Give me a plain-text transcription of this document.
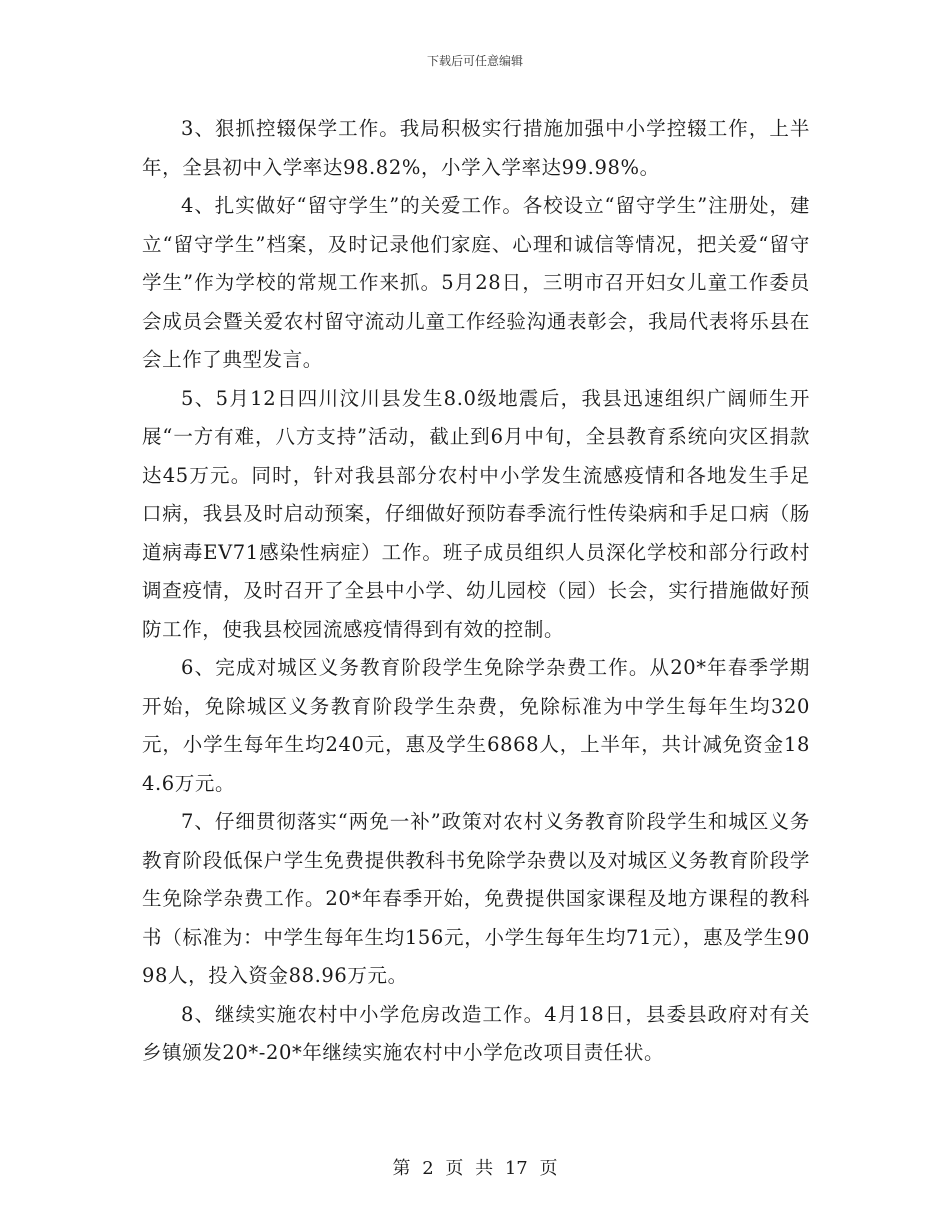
下载后可任意编辑

3、狠抓控辍保学工作。我局积极实行措施加强中小学控辍工作，上半年，全县初中入学率达98.82%，小学入学率达99.98%。

4、扎实做好“留守学生”的关爱工作。各校设立“留守学生”注册处，建立“留守学生”档案，及时记录他们家庭、心理和诚信等情况，把关爱“留守学生”作为学校的常规工作来抓。5月28日，三明市召开妇女儿童工作委员会成员会暨关爱农村留守流动儿童工作经验沟通表彰会，我局代表将乐县在会上作了典型发言。

5、5月12日四川汶川县发生8.0级地震后，我县迅速组织广阔师生开展“一方有难，八方支持”活动，截止到6月中旬，全县教育系统向灾区捐款达45万元。同时，针对我县部分农村中小学发生流感疫情和各地发生手足口病，我县及时启动预案，仔细做好预防春季流行性传染病和手足口病（肠道病毒EV71感染性病症）工作。班子成员组织人员深化学校和部分行政村调查疫情，及时召开了全县中小学、幼儿园校（园）长会，实行措施做好预防工作，使我县校园流感疫情得到有效的控制。

6、完成对城区义务教育阶段学生免除学杂费工作。从20*年春季学期开始，免除城区义务教育阶段学生杂费，免除标准为中学生每年生均320元，小学生每年生均240元，惠及学生6868人，上半年，共计减免资金184.6万元。

7、仔细贯彻落实“两免一补”政策对农村义务教育阶段学生和城区义务教育阶段低保户学生免费提供教科书免除学杂费以及对城区义务教育阶段学生免除学杂费工作。20*年春季开始，免费提供国家课程及地方课程的教科书（标准为：中学生每年生均156元，小学生每年生均71元），惠及学生9098人，投入资金88.96万元。

8、继续实施农村中小学危房改造工作。4月18日，县委县政府对有关乡镇颁发20*-20*年继续实施农村中小学危改项目责任状。

第 2 页 共 17 页
